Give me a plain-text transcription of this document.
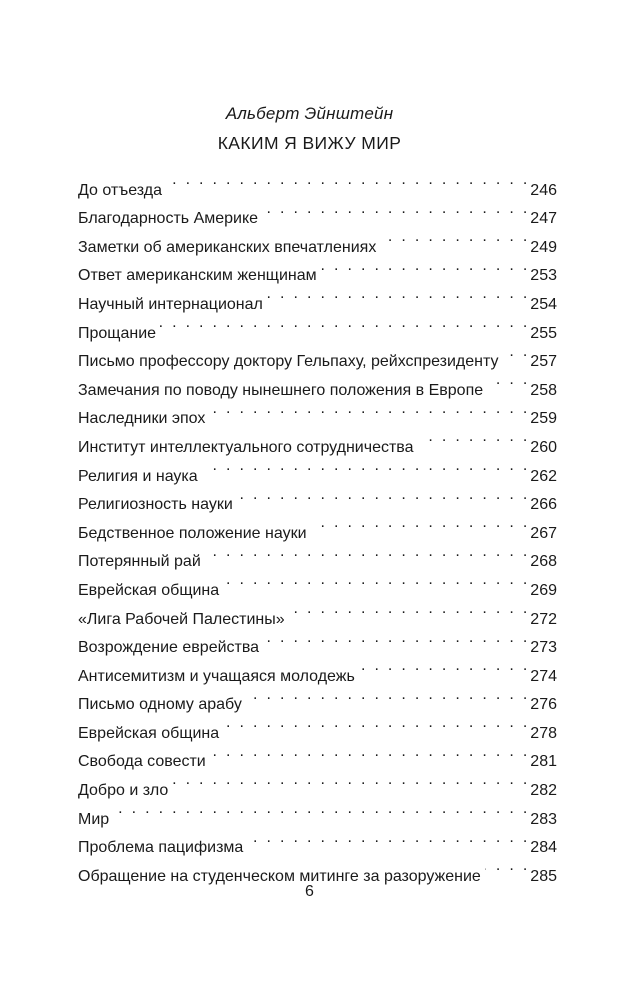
Альберт Эйнштейн
КАКИМ Я ВИЖУ МИР
До отъезда . . .	246
Благодарность Америке . . .	247
Заметки об американских впечатлениях . . .	249
Ответ американским женщинам . . .	253
Научный интернационал . . .	254
Прощание . . .	255
Письмо профессору доктору Гельпаху, рейхспрезиденту . . . 257
Замечания по поводу нынешнего положения в Европе . . .	258
Наследники эпох . . .	259
Институт интеллектуального сотрудничества . . .	260
Религия и наука . . .	262
Религиозность науки . . .	266
Бедственное положение науки . . .	267
Потерянный рай . . .	268
Еврейская община . . .	269
«Лига Рабочей Палестины» . . .	272
Возрождение еврейства . . .	273
Антисемитизм и учащаяся молодежь . . .	274
Письмо одному арабу . . .	276
Еврейская община . . .	278
Свобода совести . . .	281
Добро и зло . . .	282
Мир . . .	283
Проблема пацифизма . . .	284
Обращение на студенческом митинге за разоружение . . .	285
6
